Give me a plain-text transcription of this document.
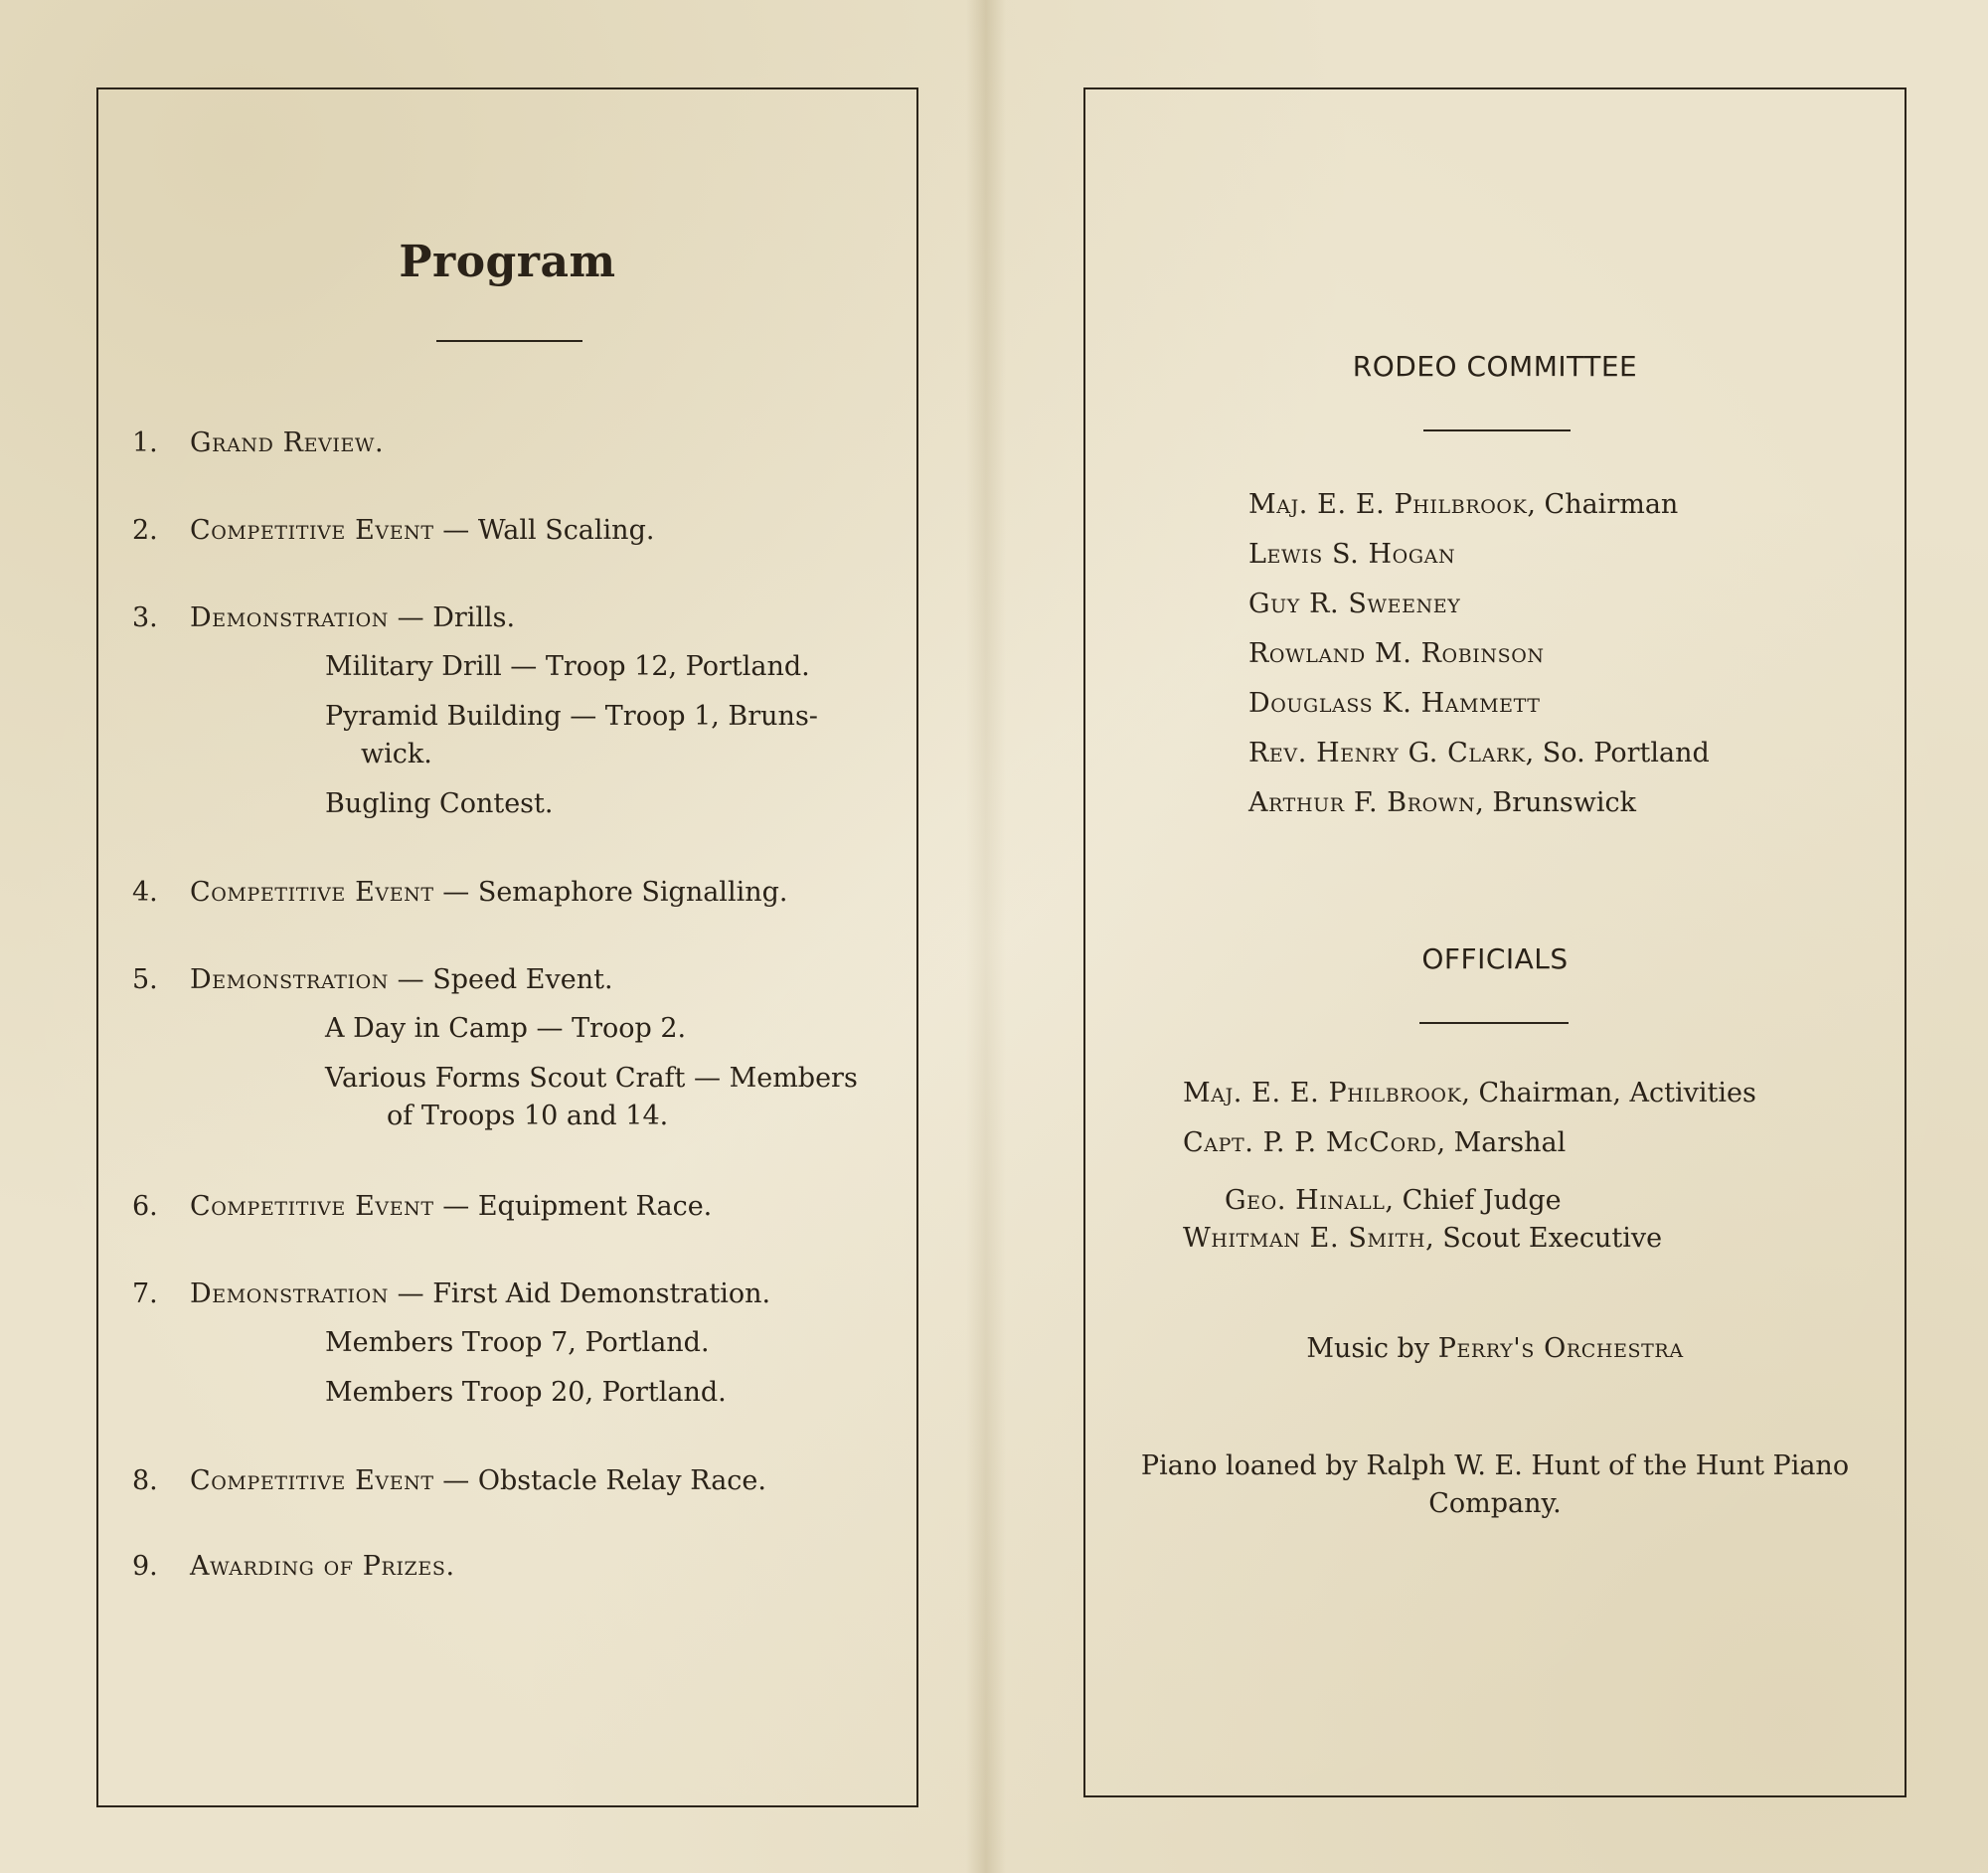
Program
1. Grand Review.
2. Competitive Event — Wall Scaling.
3. Demonstration — Drills.
Military Drill — Troop 12, Portland.
Pyramid Building — Troop 1, Bruns-
wick.
Bugling Contest.
4. Competitive Event — Semaphore Signalling.
5. Demonstration — Speed Event.
A Day in Camp — Troop 2.
Various Forms Scout Craft — Members
of Troops 10 and 14.
6. Competitive Event — Equipment Race.
7. Demonstration — First Aid Demonstration.
Members Troop 7, Portland.
Members Troop 20, Portland.
8. Competitive Event — Obstacle Relay Race.
9. Awarding of Prizes.
RODEO COMMITTEE
Maj. E. E. Philbrook, Chairman
Lewis S. Hogan
Guy R. Sweeney
Rowland M. Robinson
Douglass K. Hammett
Rev. Henry G. Clark, So. Portland
Arthur F. Brown, Brunswick
OFFICIALS
Maj. E. E. Philbrook, Chairman, Activities
Capt. P. P. McCord, Marshal
Geo. Hinall, Chief Judge
Whitman E. Smith, Scout Executive
Music by Perry's Orchestra
Piano loaned by Ralph W. E. Hunt of the Hunt Piano
Company.
